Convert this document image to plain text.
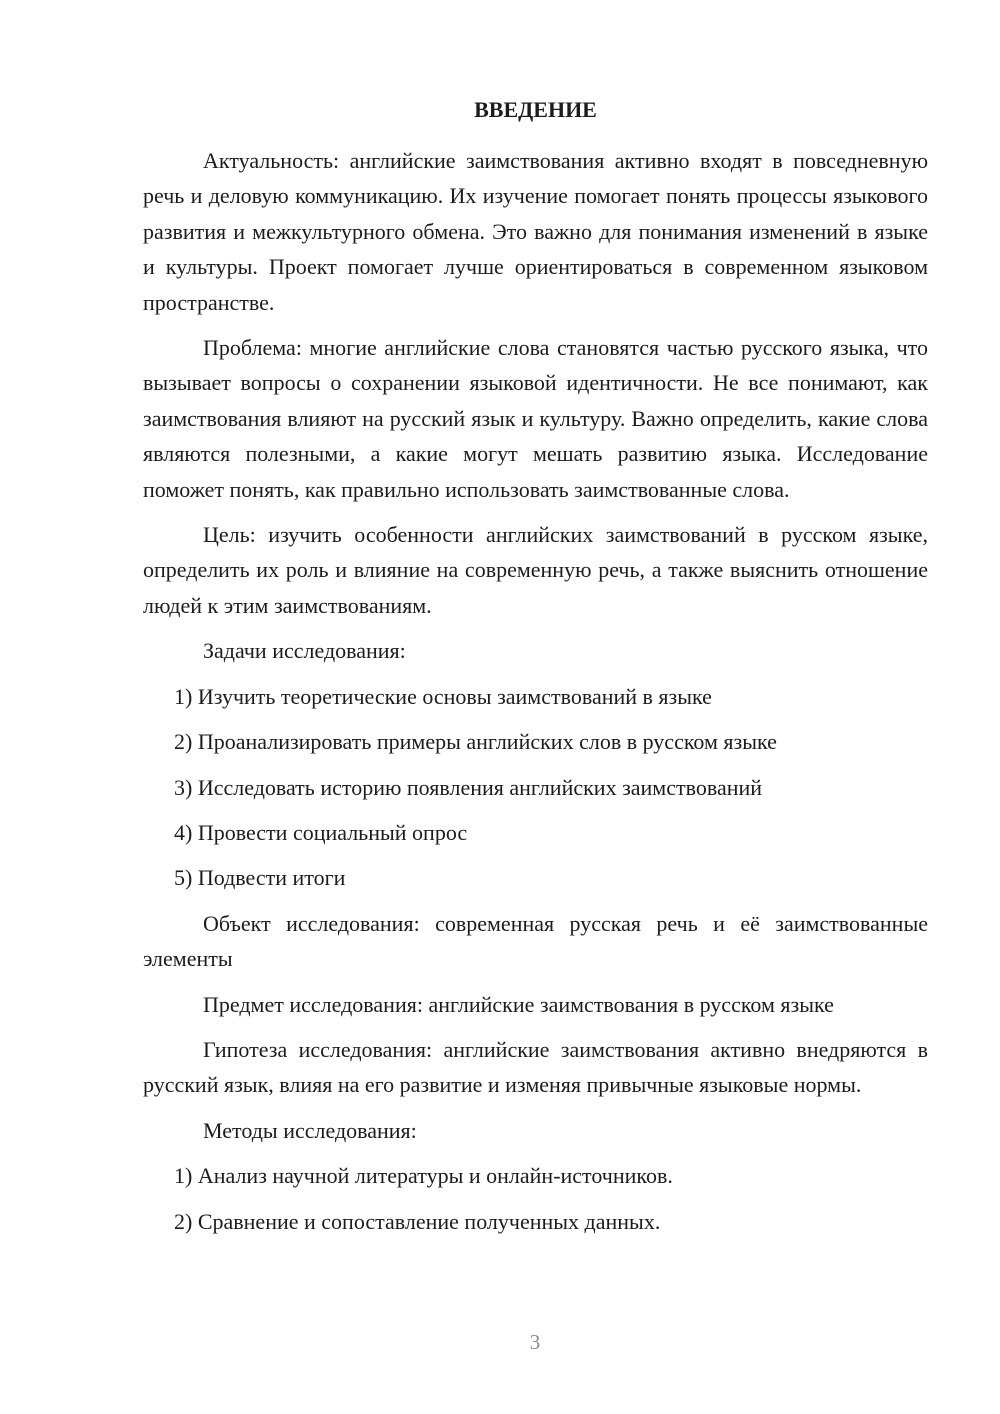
ВВЕДЕНИЕ

Актуальность: английские заимствования активно входят в повседневную речь и деловую коммуникацию. Их изучение помогает понять процессы языкового развития и межкультурного обмена. Это важно для понимания изменений в языке и культуры. Проект помогает лучше ориентироваться в современном языковом пространстве.

Проблема: многие английские слова становятся частью русского языка, что вызывает вопросы о сохранении языковой идентичности. Не все понимают, как заимствования влияют на русский язык и культуру. Важно определить, какие слова являются полезными, а какие могут мешать развитию языка. Исследование поможет понять, как правильно использовать заимствованные слова.

Цель: изучить особенности английских заимствований в русском языке, определить их роль и влияние на современную речь, а также выяснить отношение людей к этим заимствованиям.

Задачи исследования:

1) Изучить теоретические основы заимствований в языке
2) Проанализировать примеры английских слов в русском языке
3) Исследовать историю появления английских заимствований
4) Провести социальный опрос
5) Подвести итоги

Объект исследования: современная русская речь и её заимствованные элементы

Предмет исследования: английские заимствования в русском языке

Гипотеза исследования: английские заимствования активно внедряются в русский язык, влияя на его развитие и изменяя привычные языковые нормы.

Методы исследования:

1) Анализ научной литературы и онлайн-источников.
2) Сравнение и сопоставление полученных данных.
3
